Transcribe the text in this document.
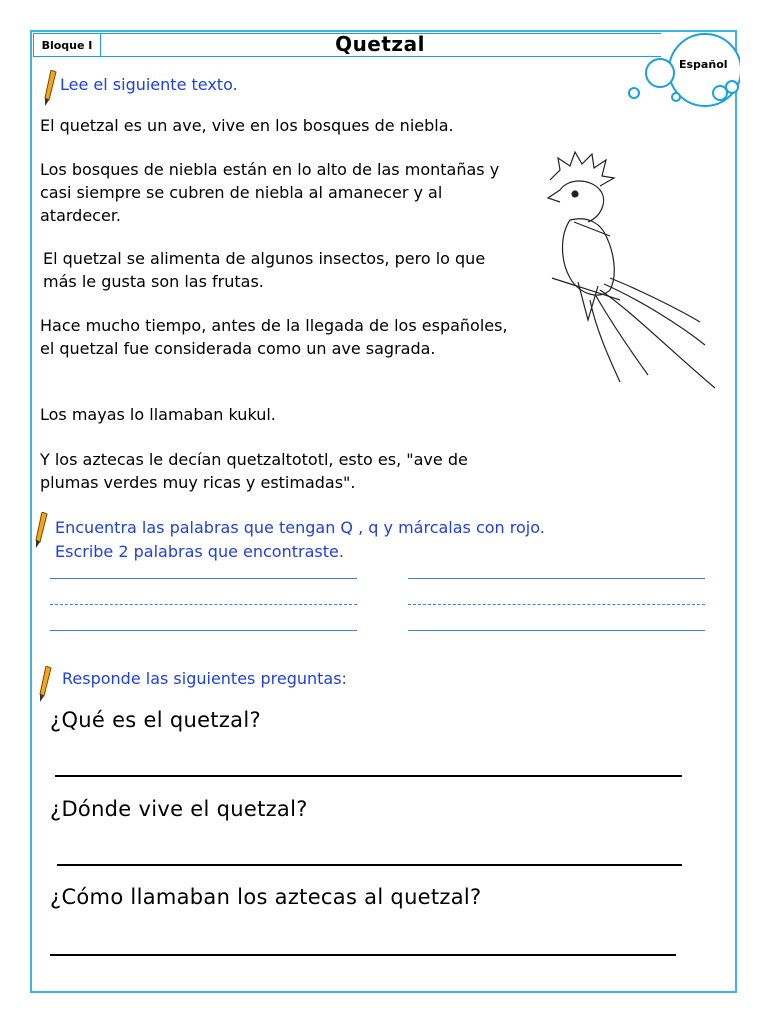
Bloque I	Quetzal
Español
Lee el siguiente texto.
El quetzal es un ave, vive en los bosques de niebla.
Los bosques de niebla están en lo alto de las montañas y casi siempre se cubren de niebla al amanecer y al atardecer.
El quetzal se alimenta de algunos insectos, pero lo que más le gusta son las frutas.
Hace mucho tiempo, antes de la llegada de los españoles, el quetzal fue considerada como un ave sagrada.
Los mayas lo llamaban kukul.
Y los aztecas le decían quetzaltototl, esto es, "ave de plumas verdes muy ricas y estimadas".
Encuentra las palabras que tengan Q , q y márcalas con rojo.
Escribe 2 palabras que encontraste.
Responde las siguientes preguntas:
¿Qué es el quetzal?
¿Dónde vive el quetzal?
¿Cómo llamaban los aztecas al quetzal?
